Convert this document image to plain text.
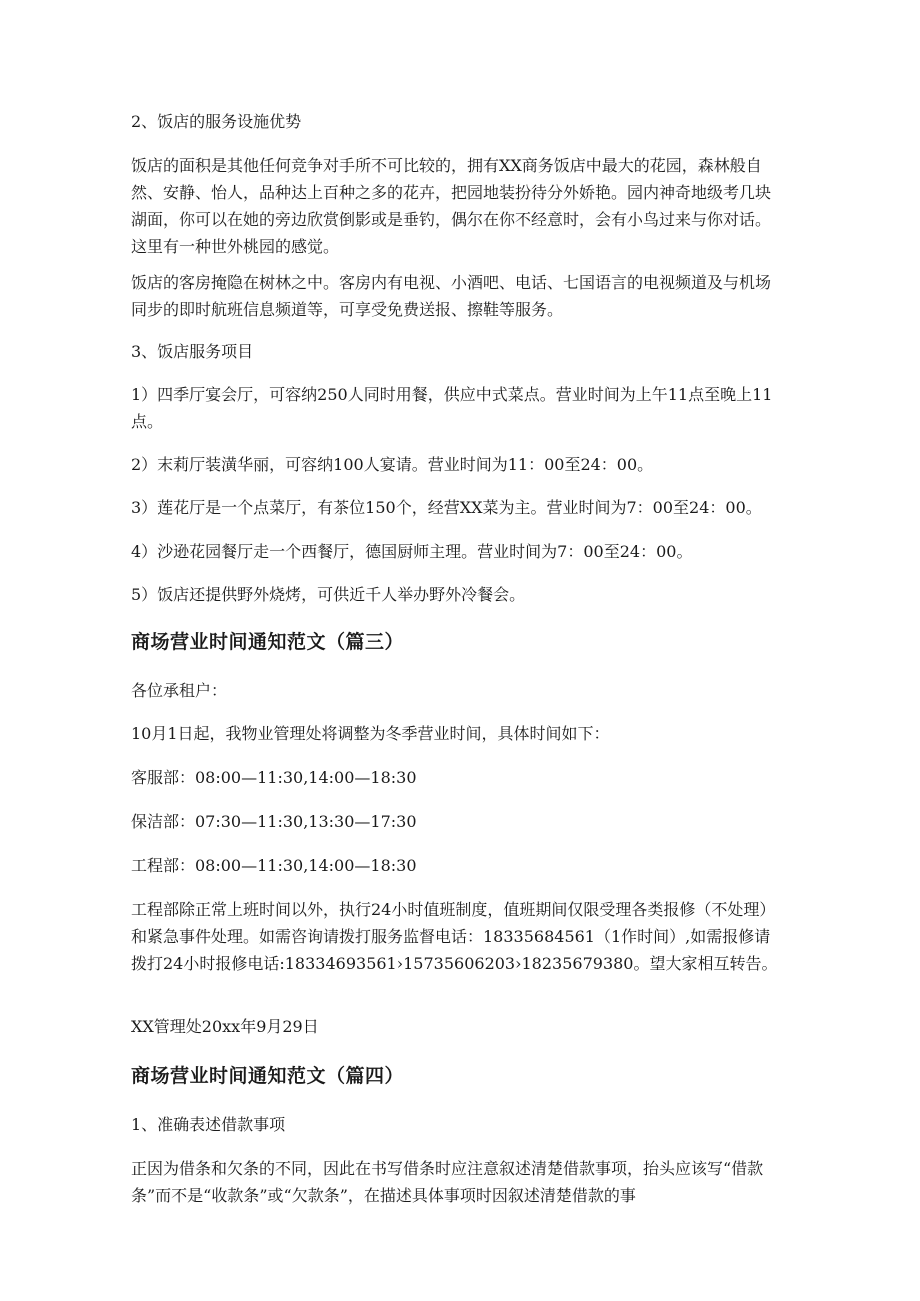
2、饭店的服务设施优势

饭店的面积是其他任何竞争对手所不可比较的，拥有XX商务饭店中最大的花园，森林般自然、安静、怡人，品种达上百种之多的花卉，把园地装扮待分外娇艳。园内神奇地级考几块湖面，你可以在她的旁边欣赏倒影或是垂钓，偶尔在你不经意时，会有小鸟过来与你对话。这里有一种世外桃园的感觉。

饭店的客房掩隐在树林之中。客房内有电视、小酒吧、电话、七国语言的电视频道及与机场同步的即时航班信息频道等，可享受免费送报、擦鞋等服务。

3、饭店服务项目

1）四季厅宴会厅，可容纳250人同时用餐，供应中式菜点。营业时间为上午11点至晚上11点。

2）末莉厅装潢华丽，可容纳100人宴请。营业时间为11：00至24：00。

3）莲花厅是一个点菜厅，有茶位150个，经营XX菜为主。营业时间为7：00至24：00。

4）沙逊花园餐厅走一个西餐厅，德国厨师主理。营业时间为7：00至24：00。

5）饭店还提供野外烧烤，可供近千人举办野外冷餐会。

商场营业时间通知范文（篇三）

各位承租户：

10月1日起，我物业管理处将调整为冬季营业时间，具体时间如下：

客服部：08:00—11:30,14:00—18:30

保洁部：07:30—11:30,13:30—17:30

工程部：08:00—11:30,14:00—18:30

工程部除正常上班时间以外，执行24小时值班制度，值班期间仅限受理各类报修（不处理）和紧急事件处理。如需咨询请拨打服务监督电话：18335684561（1作时间）,如需报修请拨打24小时报修电话:18334693561›15735606203›18235679380。望大家相互转告。

XX管理处20xx年9月29日

商场营业时间通知范文（篇四）

1、准确表述借款事项

正因为借条和欠条的不同，因此在书写借条时应注意叙述清楚借款事项，抬头应该写“借款条”而不是“收款条”或“欠款条”，在描述具体事项时因叙述清楚借款的事
